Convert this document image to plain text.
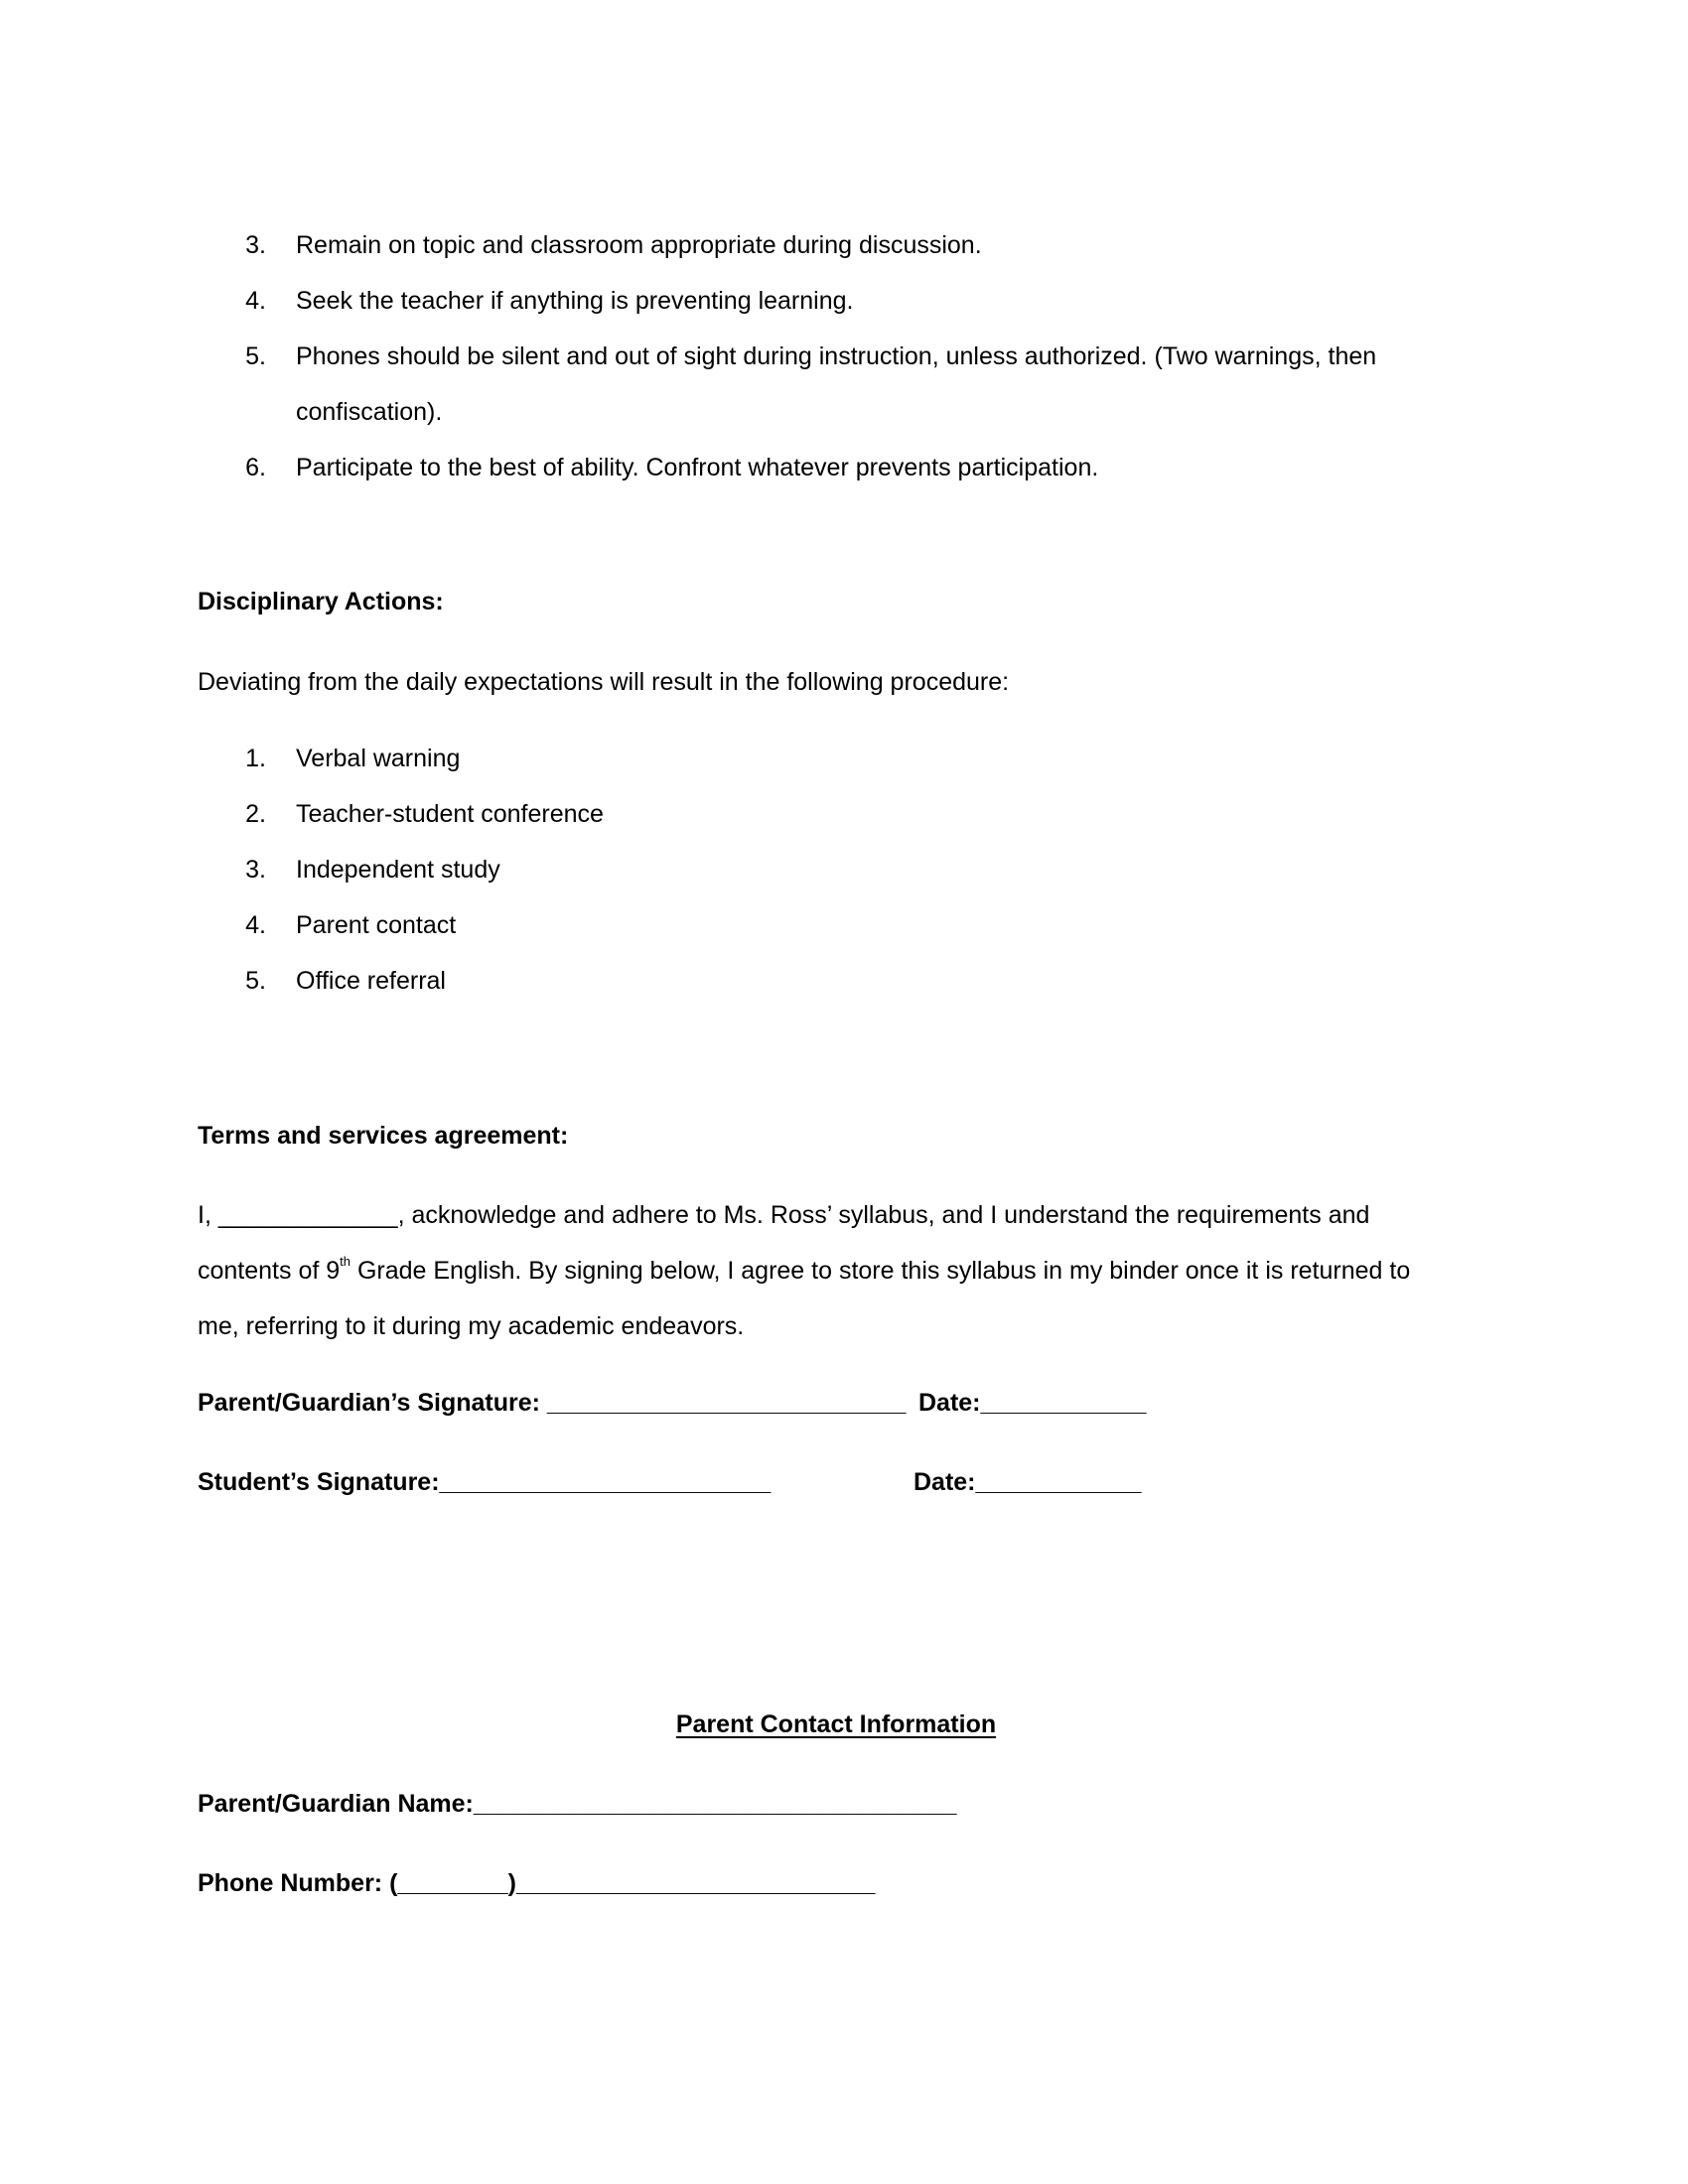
3. Remain on topic and classroom appropriate during discussion.
4. Seek the teacher if anything is preventing learning.
5. Phones should be silent and out of sight during instruction, unless authorized. (Two warnings, then
confiscation).
6. Participate to the best of ability. Confront whatever prevents participation.
Disciplinary Actions:
Deviating from the daily expectations will result in the following procedure:
1. Verbal warning
2. Teacher-student conference
3. Independent study
4. Parent contact
5. Office referral
Terms and services agreement:
I, _____________, acknowledge and adhere to Ms. Ross’ syllabus, and I understand the requirements and
contents of 9th Grade English. By signing below, I agree to store this syllabus in my binder once it is returned to
me, referring to it during my academic endeavors.
Parent/Guardian’s Signature: __________________________ Date:____________
Student’s Signature:________________________	Date:____________
Parent Contact Information
Parent/Guardian Name:___________________________________
Phone Number: (________)__________________________
